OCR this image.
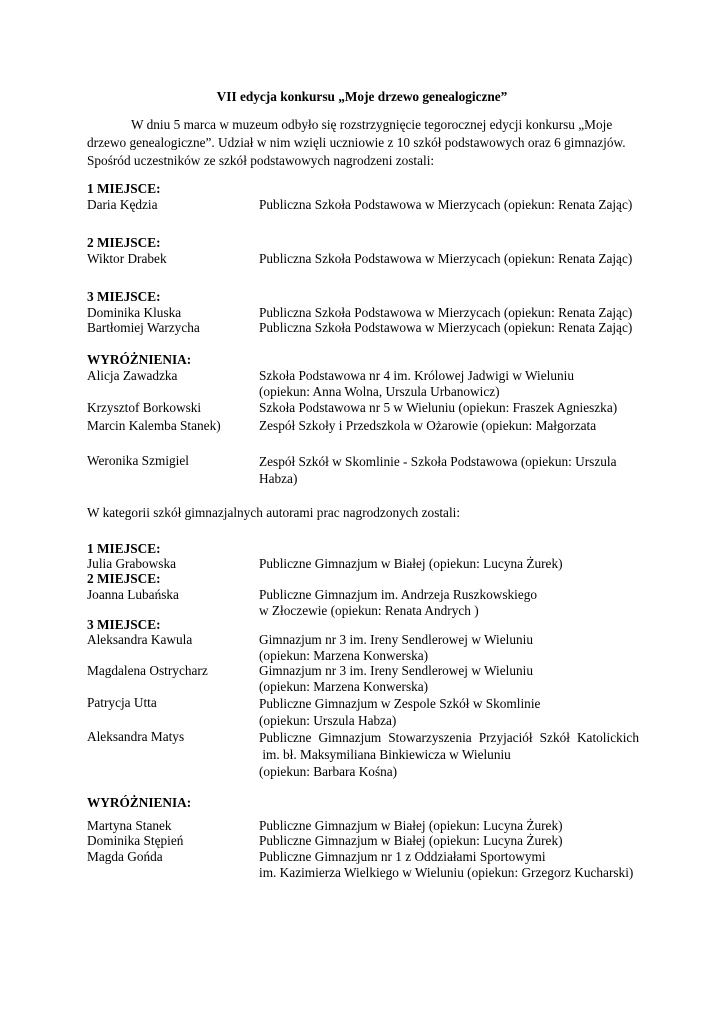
VII edycja konkursu „Moje drzewo genealogiczne”

W dniu 5 marca w muzeum odbyło się rozstrzygnięcie tegorocznej edycji konkursu „Moje drzewo genealogiczne”. Udział w nim wzięli uczniowie z 10 szkół podstawowych oraz 6 gimnazjów. Spośród uczestników ze szkół podstawowych nagrodzeni zostali:

1 MIEJSCE:
Daria Kędzia	Publiczna Szkoła Podstawowa w Mierzycach (opiekun: Renata Zając)
2 MIEJSCE:
Wiktor Drabek	Publiczna Szkoła Podstawowa w Mierzycach (opiekun: Renata Zając)
3 MIEJSCE:
Dominika Kluska	Publiczna Szkoła Podstawowa w Mierzycach (opiekun: Renata Zając)
Bartłomiej Warzycha	Publiczna Szkoła Podstawowa w Mierzycach (opiekun: Renata Zając)
WYRÓŻNIENIA:
Alicja Zawadzka	Szkoła Podstawowa nr 4 im. Królowej Jadwigi w Wieluniu
(opiekun: Anna Wolna, Urszula Urbanowicz)
Krzysztof Borkowski	Szkoła Podstawowa nr 5 w Wieluniu (opiekun: Fraszek Agnieszka)
Marcin Kalemba Stanek)	Zespół Szkoły i Przedszkola w Ożarowie (opiekun: Małgorzata
Weronika Szmigiel	Zespół Szkół w Skomlinie - Szkoła Podstawowa (opiekun: Urszula Habza)
W kategorii szkół gimnazjalnych autorami prac nagrodzonych zostali:
1 MIEJSCE:
Julia Grabowska	Publiczne Gimnazjum w Białej (opiekun: Lucyna Żurek)
2 MIEJSCE:
Joanna Lubańska	Publiczne Gimnazjum im. Andrzeja Ruszkowskiego
w Złoczewie (opiekun: Renata Andrych )
3 MIEJSCE:
Aleksandra Kawula	Gimnazjum nr 3 im. Ireny Sendlerowej w Wieluniu
(opiekun: Marzena Konwerska)
Magdalena Ostrycharz	Gimnazjum nr 3 im. Ireny Sendlerowej w Wieluniu
(opiekun: Marzena Konwerska)
Patrycja Utta	Publiczne Gimnazjum w Zespole Szkół w Skomlinie
(opiekun: Urszula Habza)
Aleksandra Matys	Publiczne Gimnazjum Stowarzyszenia Przyjaciół Szkół Katolickich
im. bł. Maksymiliana Binkiewicza w Wieluniu
(opiekun: Barbara Kośna)
WYRÓŻNIENIA:
Martyna Stanek	Publiczne Gimnazjum w Białej (opiekun: Lucyna Żurek)
Dominika Stępień	Publiczne Gimnazjum w Białej (opiekun: Lucyna Żurek)
Magda Gońda	Publiczne Gimnazjum nr 1 z Oddziałami Sportowymi
im. Kazimierza Wielkiego w Wieluniu (opiekun: Grzegorz Kucharski)
